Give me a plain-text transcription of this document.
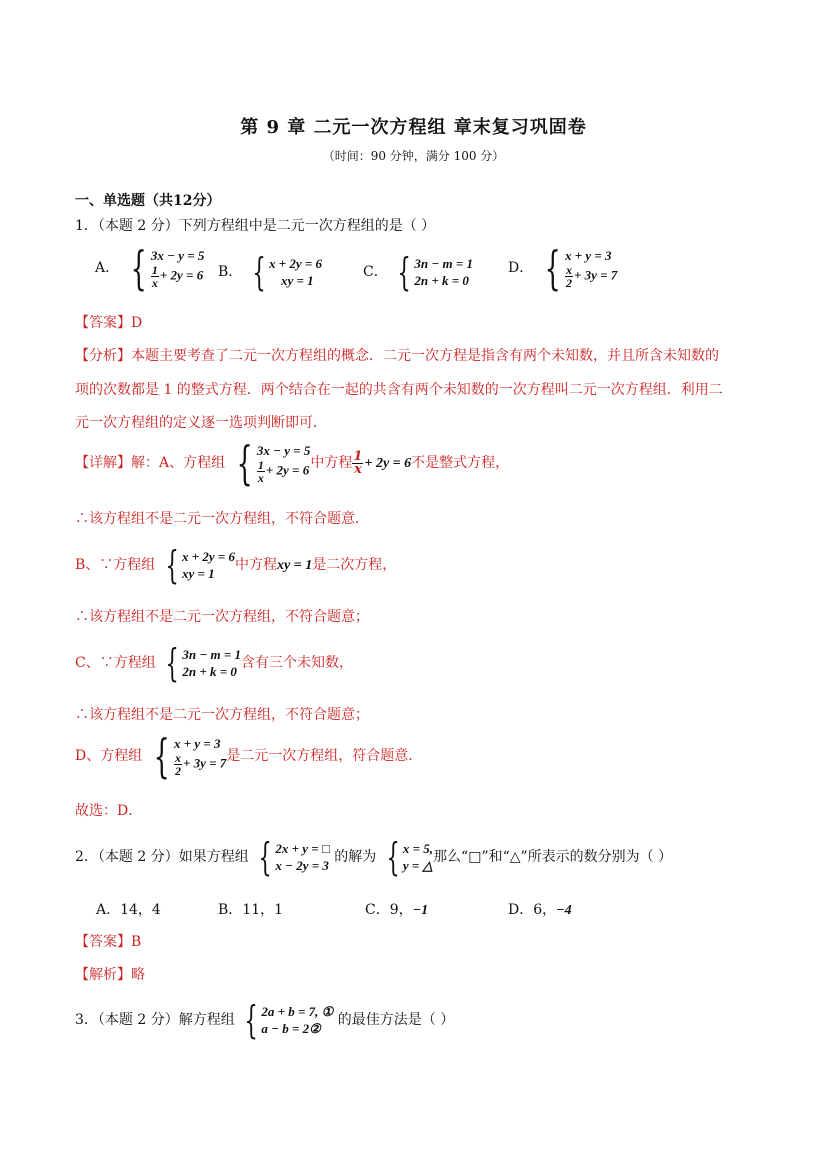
第 9 章 二元一次方程组 章末复习巩固卷
（时间：90 分钟，满分 100 分）
一、单选题（共12分）
1．（本题 2 分）下列方程组中是二元一次方程组的是（ ）
A． { 3x − y = 5
$\frac{1}{x} + 2y = 6$ B． { x + 2y = 6
xy = 1
C． { 3n − m = 1
2n + k = 0
D． { x + y = 3
$\frac{x}{2} + 3y = 7$
【答案】D
【分析】本题主要考查了二元一次方程组的概念．二元一次方程是指含有两个未知数，并且所含未知数的
项的次数都是 1 的整式方程．两个结合在一起的共含有两个未知数的一次方程叫二元一次方程组．利用二
元一次方程组的定义逐一选项判断即可．
【详解】解：A、方程组 { 3x − y = 5
$\frac{1}{x} + 2y = 6$ 中方程 $\frac{1}{x} + 2y = 6$不是整式方程，
∴该方程组不是二元一次方程组，不符合题意．
B、∵方程组 { x + 2y = 6
xy = 1
中方程xy = 1是二次方程，
∴该方程组不是二元一次方程组，不符合题意；
C、∵方程组 { 3n − m = 1
2n + k = 0
含有三个未知数，
∴该方程组不是二元一次方程组，不符合题意；
D、方程组 { x + y = 3
$\frac{x}{2} + 3y = 7$ 是二元一次方程组，符合题意．
故选：D．
2．（本题 2 分）如果方程组 { 2x + y = □
x − 2y = 3
的解为 { x = 5,
y = △
那么“□”和“△”所表示的数分别为（ ）
A．14，4	B．11，1	C．9，−1	D．6，−4
【答案】B
【解析】略
3．（本题 2 分）解方程组 { 2a + b = 7, ①
a − b = 2②
的最佳方法是（ ）
